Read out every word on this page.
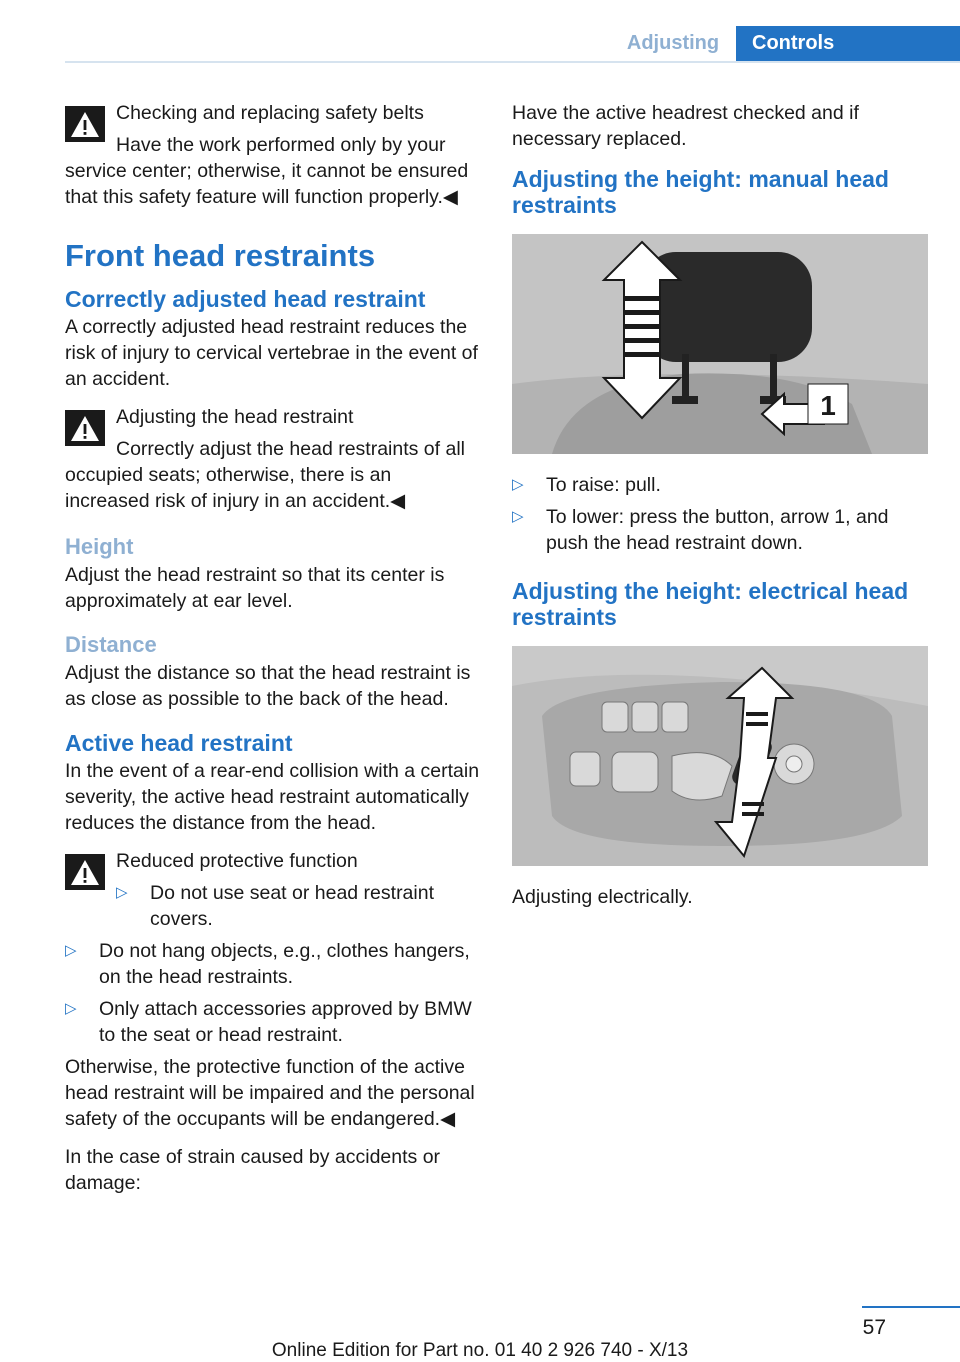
Adjusting	Controls

Checking and replacing safety belts

Have the work performed only by your service center; otherwise, it cannot be ensured that this safety feature will function properly.◀

Front head restraints
Correctly adjusted head restraint

A correctly adjusted head restraint reduces the risk of injury to cervical vertebrae in the event of an accident.

Adjusting the head restraint

Correctly adjust the head restraints of all occupied seats; otherwise, there is an increased risk of injury in an accident.◀

Height

Adjust the head restraint so that its center is approximately at ear level.

Distance

Adjust the distance so that the head restraint is as close as possible to the back of the head.

Active head restraint

In the event of a rear-end collision with a certain severity, the active head restraint automatically reduces the distance from the head.

Reduced protective function

▷ Do not use seat or head restraint covers.
▷ Do not hang objects, e.g., clothes hangers, on the head restraints.
▷ Only attach accessories approved by BMW to the seat or head restraint.

Otherwise, the protective function of the active head restraint will be impaired and the personal safety of the occupants will be endangered.◀

In the case of strain caused by accidents or damage:

Have the active headrest checked and if necessary replaced.

Adjusting the height: manual head restraints
1
▷ To raise: pull.
▷ To lower: press the button, arrow 1, and push the head restraint down.
Adjusting the height: electrical head restraints

Adjusting electrically.

57
Online Edition for Part no. 01 40 2 926 740 - X/13
